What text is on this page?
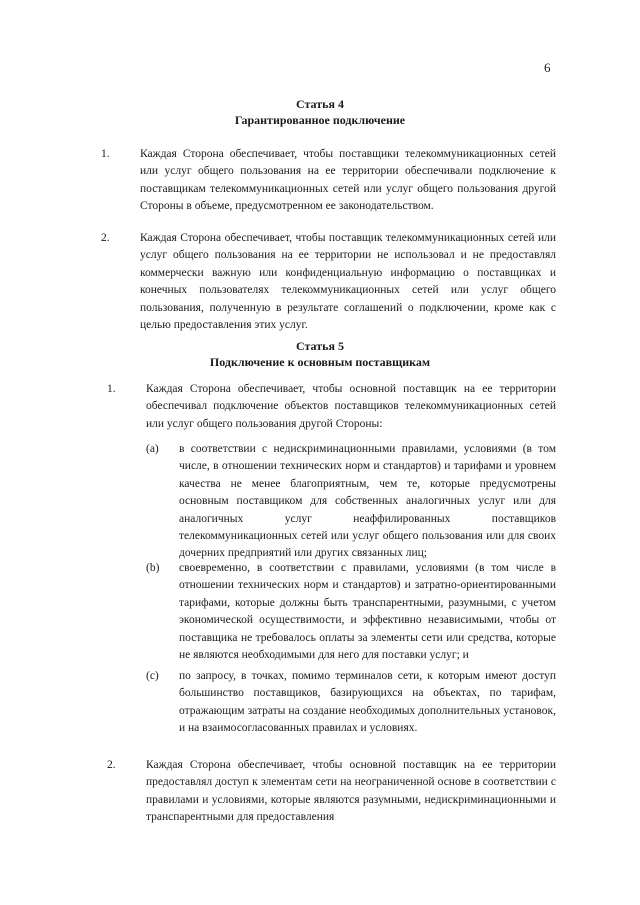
6
Статья 4
Гарантированное подключение
1.	Каждая Сторона обеспечивает, чтобы поставщики телекоммуникационных сетей или услуг общего пользования на ее территории обеспечивали подключение к поставщикам телекоммуникационных сетей или услуг общего пользования другой Стороны в объеме, предусмотренном ее законодательством.
2.	Каждая Сторона обеспечивает, чтобы поставщик телекоммуникационных сетей или услуг общего пользования на ее территории не использовал и не предоставлял коммерчески важную или конфиденциальную информацию о поставщиках и конечных пользователях телекоммуникационных сетей или услуг общего пользования, полученную в результате соглашений о подключении, кроме как с целью предоставления этих услуг.
Статья 5
Подключение к основным поставщикам
1.	Каждая Сторона обеспечивает, чтобы основной поставщик на ее территории обеспечивал подключение объектов поставщиков телекоммуникационных сетей или услуг общего пользования другой Стороны:
(a) в соответствии с недискриминационными правилами, условиями (в том числе, в отношении технических норм и стандартов) и тарифами и уровнем качества не менее благоприятным, чем те, которые предусмотрены основным поставщиком для собственных аналогичных услуг или для аналогичных услуг неаффилированных поставщиков телекоммуникационных сетей или услуг общего пользования или для своих дочерних предприятий или других связанных лиц;
(b) своевременно, в соответствии с правилами, условиями (в том числе в отношении технических норм и стандартов) и затратно-ориентированными тарифами, которые должны быть транспарентными, разумными, с учетом экономической осуществимости, и эффективно независимыми, чтобы от поставщика не требовалось оплаты за элементы сети или средства, которые не являются необходимыми для него для поставки услуг; и
(c) по запросу, в точках, помимо терминалов сети, к которым имеют доступ большинство поставщиков, базирующихся на объектах, по тарифам, отражающим затраты на создание необходимых дополнительных установок, и на взаимосогласованных правилах и условиях.
2.	Каждая Сторона обеспечивает, чтобы основной поставщик на ее территории предоставлял доступ к элементам сети на неограниченной основе в соответствии с правилами и условиями, которые являются разумными, недискриминационными и транспарентными для предоставления
